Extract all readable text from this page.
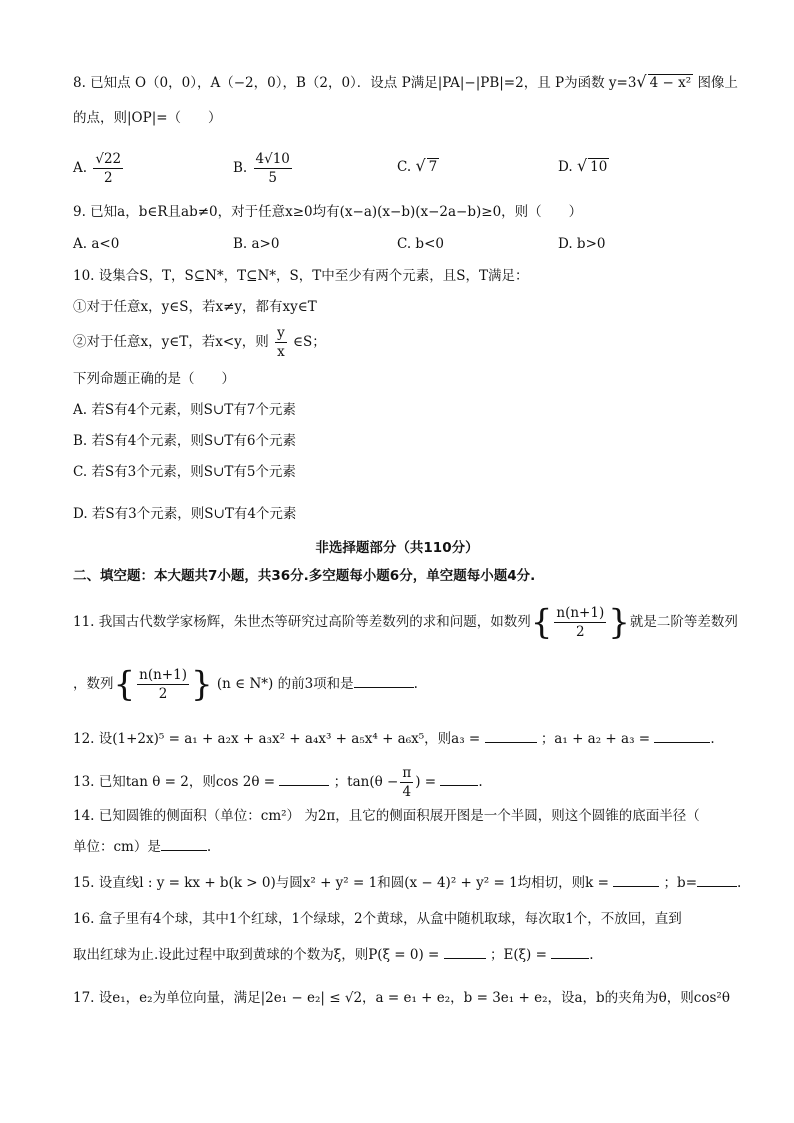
8. 已知点 O（0，0），A（−2，0），B（2，0）．设点 P满足|PA|−|PB|=2，且 P为函数 y=3√ 4 − x² 图像上
的点，则|OP|=（　　）
A. $\frac{√22}{2}$	B. $\frac{4√10}{5}$	C. √ 7	D. √ 10
9. 已知a，b∈R且ab≠0，对于任意x≥0均有(x−a)(x−b)(x−2a−b)≥0，则（　　）
A. a<0	B. a>0	C. b<0	D. b>0
10. 设集合S，T，S⊆N*，T⊆N*，S，T中至少有两个元素，且S，T满足：
①对于任意x，y∈S，若x≠y，都有xy∈T
②对于任意x，y∈T，若x<y，则 $\frac{y}{x}$ ∈S；
下列命题正确的是（　　）
A. 若S有4个元素，则S∪T有7个元素
B. 若S有4个元素，则S∪T有6个元素
C. 若S有3个元素，则S∪T有5个元素
D. 若S有3个元素，则S∪T有4个元素
非选择题部分（共110分）
二、填空题：本大题共7小题，共36分.多空题每小题6分，单空题每小题4分.
11. 我国古代数学家杨辉，朱世杰等研究过高阶等差数列的求和问题，如数列{ $\frac{n(n+1)}{2}$ }就是二阶等差数列
，数列{ $\frac{n(n+1)}{2}$ } (n ∈ N*) 的前3项和是	.
12. 设(1+2x)⁵ = a₁ + a₂x + a₃x² + a₄x³ + a₅x⁴ + a₆x⁵，则a₃ =	；a₁ + a₂ + a₃ =	.
13. 已知tan θ = 2，则cos 2θ =	；$\tan(\theta - \frac{\pi}{4}$ ) =	.
14. 已知圆锥的侧面积（单位：cm²） 为2π，且它的侧面积展开图是一个半圆，则这个圆锥的底面半径（
单位：cm）是	.
15. 设直线l : y = kx + b(k > 0)与圆x² + y² = 1和圆(x − 4)² + y² = 1均相切，则k =	；b=	.
16. 盒子里有4个球，其中1个红球，1个绿球，2个黄球，从盒中随机取球，每次取1个，不放回，直到
取出红球为止.设此过程中取到黄球的个数为ξ，则P(ξ = 0) =	；E(ξ) =	.
17. 设e₁，e₂为单位向量，满足|2e₁ − e₂| ≤ √2，a = e₁ + e₂，b = 3e₁ + e₂，设a，b的夹角为θ，则cos²θ
